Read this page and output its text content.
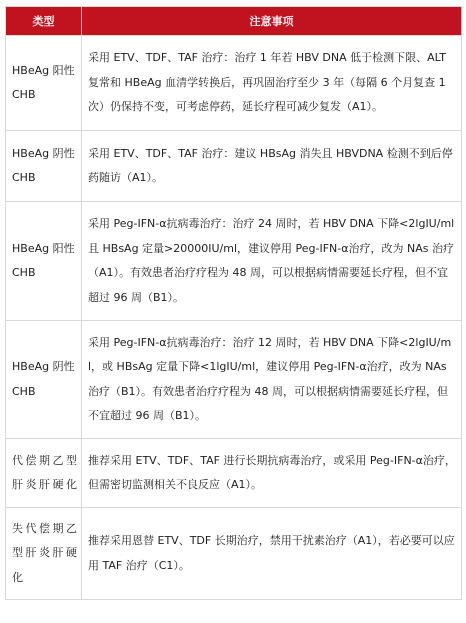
类型	注意事项
HBeAg 阳性 CHB	采用 ETV、TDF、TAF 治疗：治疗 1 年若 HBV DNA 低于检测下限、ALT 复常和 HBeAg 血清学转换后，再巩固治疗至少 3 年（每隔 6 个月复查 1 次）仍保持不变，可考虑停药，延长疗程可减少复发（A1）。
HBeAg 阴性 CHB	采用 ETV、TDF、TAF 治疗：建议 HBsAg 消失且 HBVDNA 检测不到后停药随访（A1）。
HBeAg 阳性 CHB	采用 Peg-IFN-α抗病毒治疗：治疗 24 周时，若 HBV DNA 下降<2lgIU/ml 且 HBsAg 定量>20000IU/ml，建议停用 Peg-IFN-α治疗，改为 NAs 治疗（A1）。有效患者治疗疗程为 48 周，可以根据病情需要延长疗程，但不宜超过 96 周（B1）。
HBeAg 阴性 CHB	采用 Peg-IFN-α抗病毒治疗：治疗 12 周时，若 HBV DNA 下降<2lgIU/ml，或 HBsAg 定量下降<1lgIU/ml，建议停用 Peg-IFN-α治疗，改为 NAs 治疗（B1）。有效患者治疗疗程为 48 周，可以根据病情需要延长疗程，但不宜超过 96 周（B1）。
代偿期乙型肝炎肝硬化	推荐采用 ETV、TDF、TAF 进行长期抗病毒治疗，或采用 Peg-IFN-α治疗，但需密切监测相关不良反应（A1）。
失代偿期乙型肝炎肝硬化	推荐采用恩替 ETV、TDF 长期治疗，禁用干扰素治疗（A1），若必要可以应用 TAF 治疗（C1）。
